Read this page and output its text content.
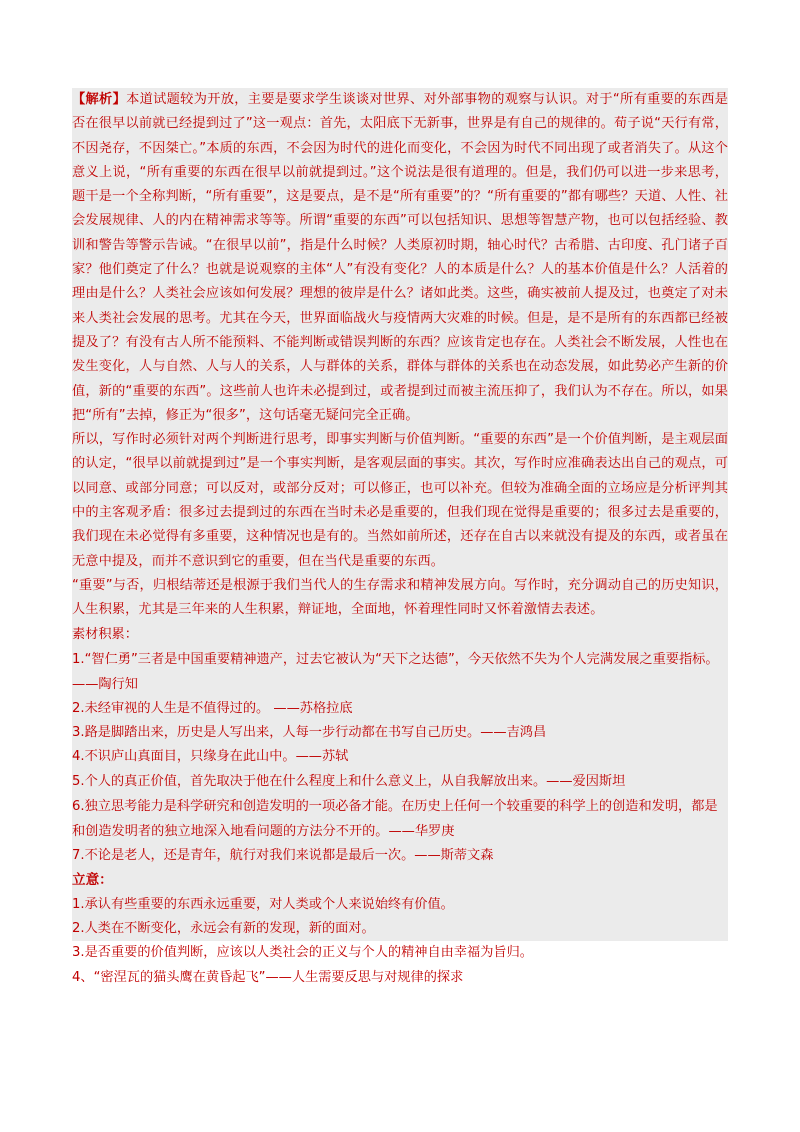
【解析】本道试题较为开放，主要是要求学生谈谈对世界、对外部事物的观察与认识。对于“所有重要的东西是否在很早以前就已经提到过了”这一观点：首先，太阳底下无新事，世界是有自己的规律的。荀子说“天行有常，不因尧存，不因桀亡。”本质的东西，不会因为时代的进化而变化，不会因为时代不同出现了或者消失了。从这个意义上说，“所有重要的东西在很早以前就提到过。”这个说法是很有道理的。但是，我们仍可以进一步来思考，题干是一个全称判断，“所有重要”，这是要点，是不是“所有重要”的？“所有重要的”都有哪些？天道、人性、社会发展规律、人的内在精神需求等等。所谓“重要的东西”可以包括知识、思想等智慧产物，也可以包括经验、教训和警告等警示告诫。“在很早以前”，指是什么时候？人类原初时期，轴心时代？古希腊、古印度、孔门诸子百家？他们奠定了什么？也就是说观察的主体“人”有没有变化？人的本质是什么？人的基本价值是什么？人活着的理由是什么？人类社会应该如何发展？理想的彼岸是什么？诸如此类。这些，确实被前人提及过，也奠定了对未来人类社会发展的思考。尤其在今天，世界面临战火与疫情两大灾难的时候。但是，是不是所有的东西都已经被提及了？有没有古人所不能预料、不能判断或错误判断的东西？应该肯定也存在。人类社会不断发展，人性也在发生变化，人与自然、人与人的关系，人与群体的关系，群体与群体的关系也在动态发展，如此势必产生新的价值，新的“重要的东西”。这些前人也许未必提到过，或者提到过而被主流压抑了，我们认为不存在。所以，如果把“所有”去掉，修正为“很多”，这句话毫无疑问完全正确。

所以，写作时必须针对两个判断进行思考，即事实判断与价值判断。“重要的东西”是一个价值判断，是主观层面的认定，“很早以前就提到过”是一个事实判断，是客观层面的事实。其次，写作时应准确表达出自己的观点，可以同意、或部分同意；可以反对，或部分反对；可以修正，也可以补充。但较为准确全面的立场应是分析评判其中的主客观矛盾：很多过去提到过的东西在当时未必是重要的，但我们现在觉得是重要的；很多过去是重要的，我们现在未必觉得有多重要，这种情况也是有的。当然如前所述，还存在自古以来就没有提及的东西，或者虽在无意中提及，而并不意识到它的重要，但在当代是重要的东西。

“重要”与否，归根结蒂还是根源于我们当代人的生存需求和精神发展方向。写作时，充分调动自己的历史知识，人生积累，尤其是三年来的人生积累，辩证地，全面地，怀着理性同时又怀着激情去表述。

素材积累：

1.“智仁勇”三者是中国重要精神遗产，过去它被认为“天下之达德”，今天依然不失为个人完满发展之重要指标。——陶行知

2.未经审视的人生是不值得过的。 ——苏格拉底

3.路是脚踏出来，历史是人写出来，人每一步行动都在书写自己历史。——吉鸿昌

4.不识庐山真面目，只缘身在此山中。——苏轼

5.个人的真正价值，首先取决于他在什么程度上和什么意义上，从自我解放出来。——爱因斯坦

6.独立思考能力是科学研究和创造发明的一项必备才能。在历史上任何一个较重要的科学上的创造和发明，都是和创造发明者的独立地深入地看问题的方法分不开的。——华罗庚

7.不论是老人，还是青年，航行对我们来说都是最后一次。——斯蒂文森

立意：

1.承认有些重要的东西永远重要，对人类或个人来说始终有价值。

2.人类在不断变化，永远会有新的发现，新的面对。

3.是否重要的价值判断，应该以人类社会的正义与个人的精神自由幸福为旨归。

4、“密涅瓦的猫头鹰在黄昏起飞”——人生需要反思与对规律的探求
